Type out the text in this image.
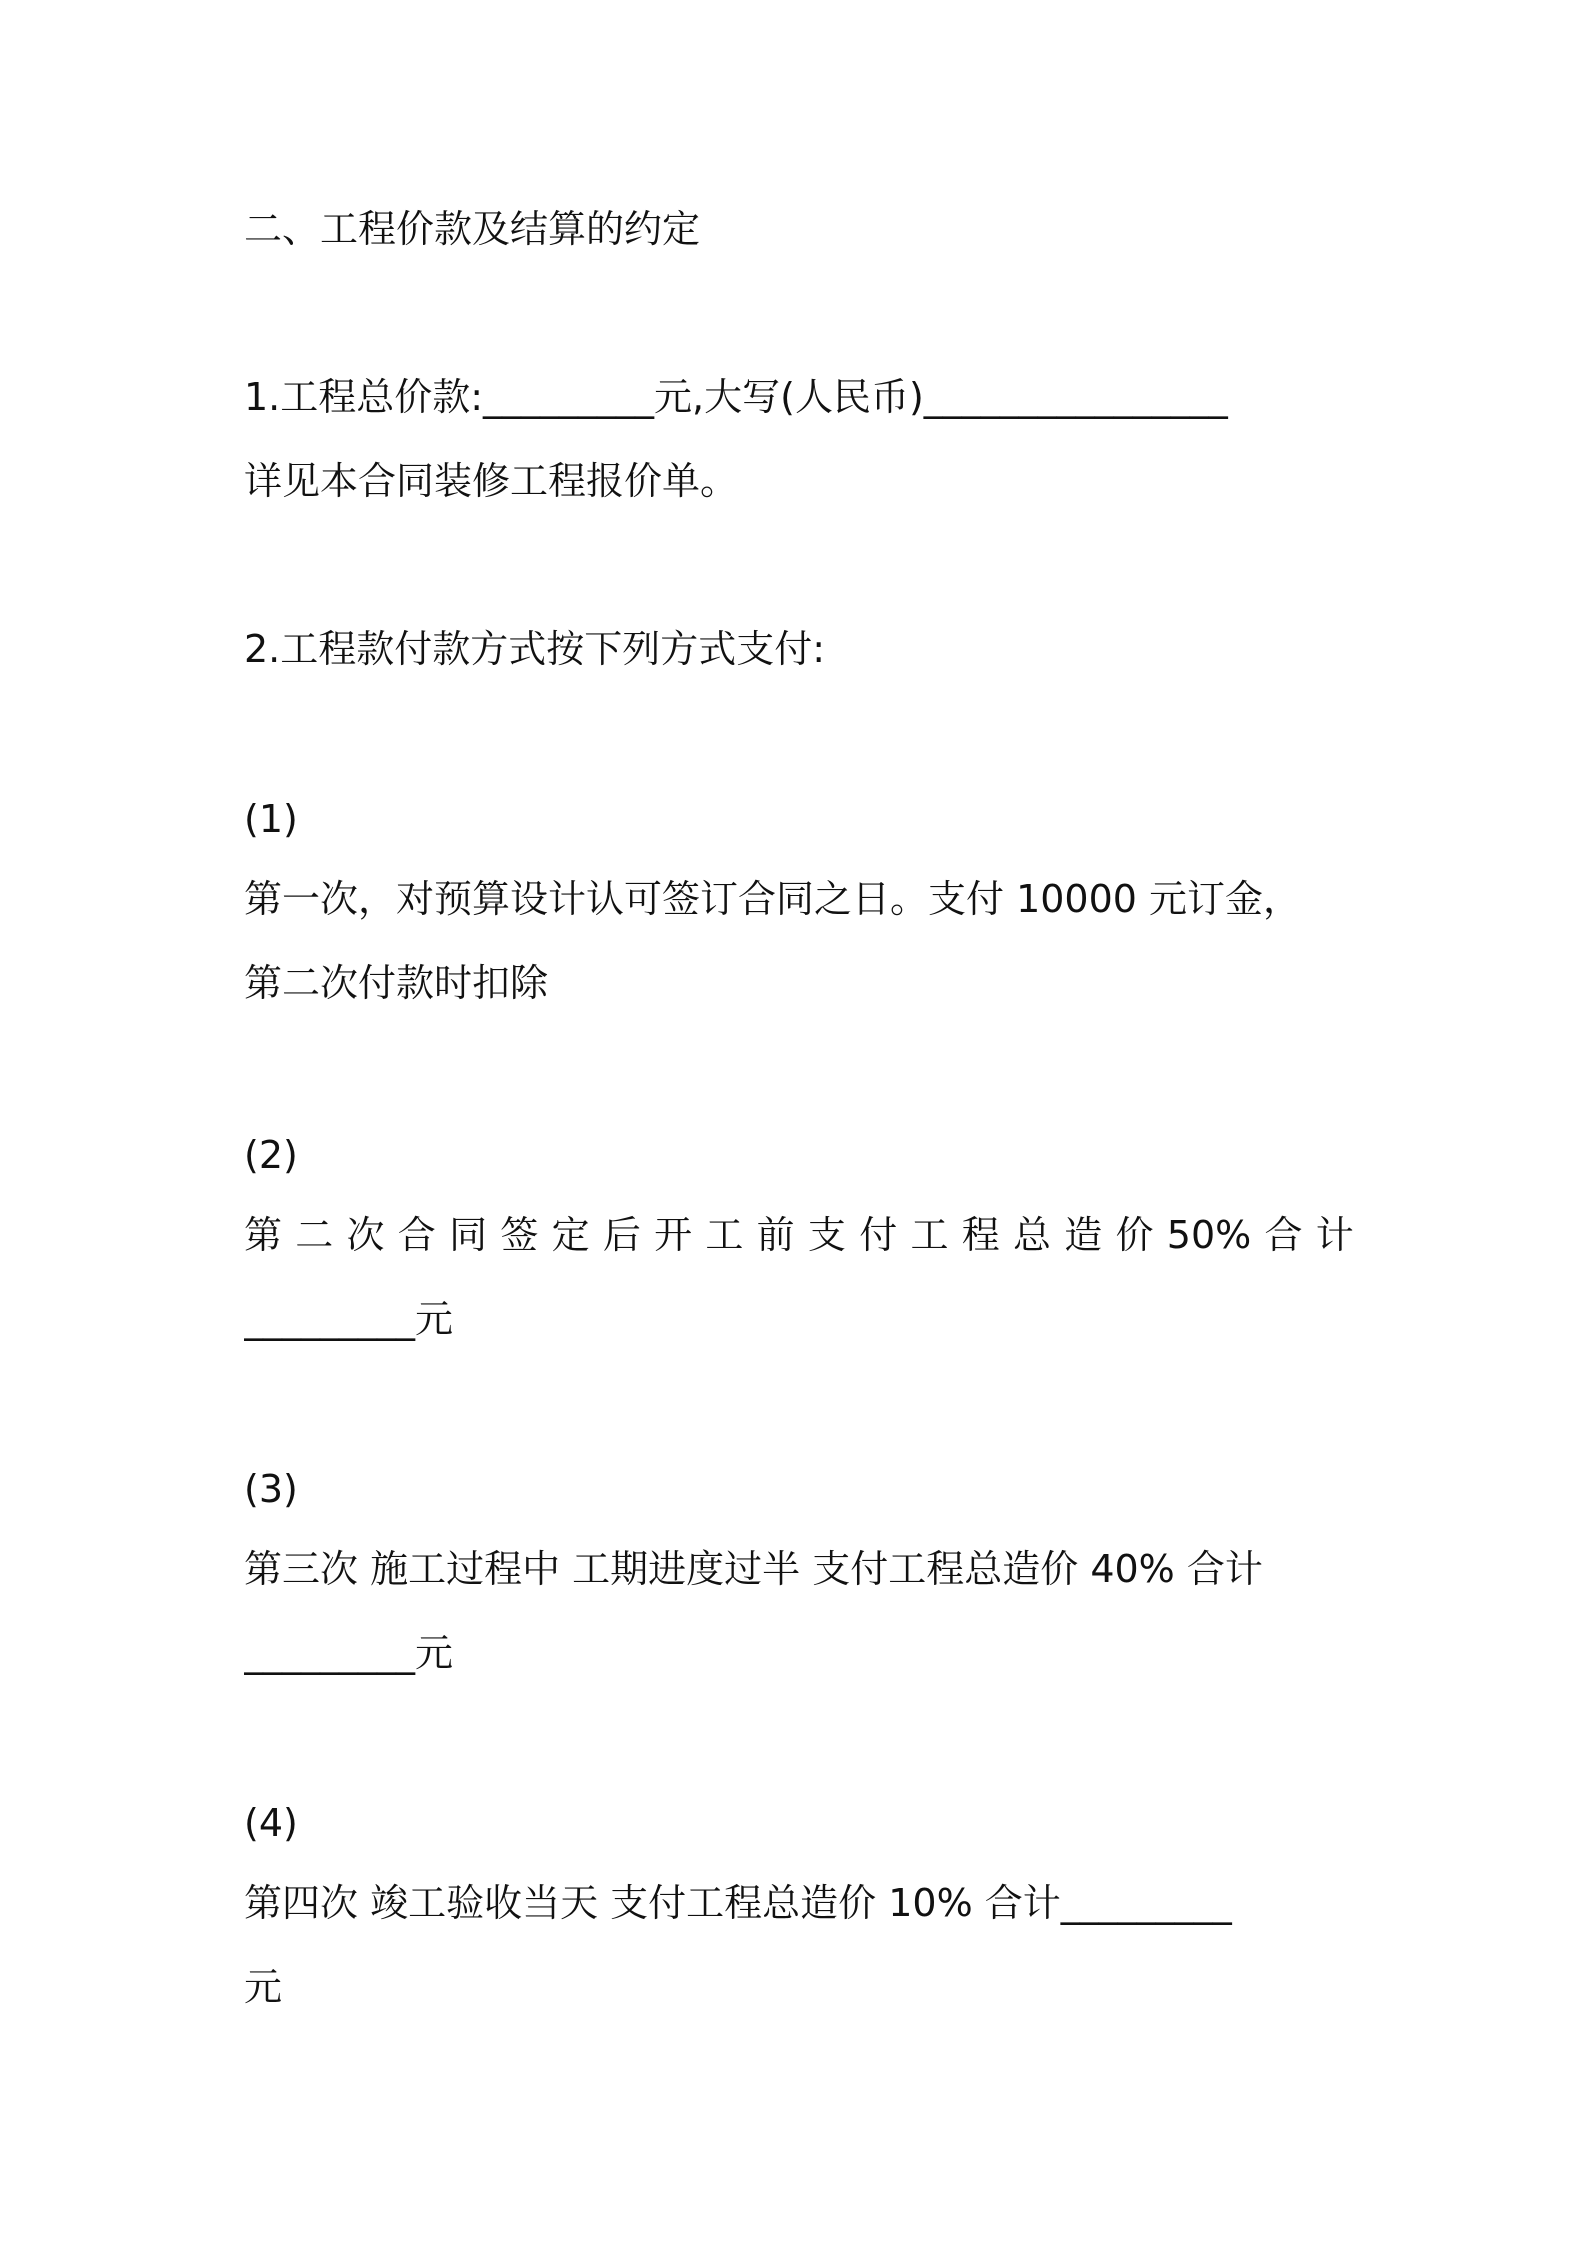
二、工程价款及结算的约定
1.工程总价款:_________元,大写(人民币)________________
详见本合同装修工程报价单。
2.工程款付款方式按下列方式支付:
(1)
第一次，对预算设计认可签订合同之日。支付 10000 元订金，
第二次付款时扣除
(2)
第 二 次 合 同 签 定 后 开 工 前 支 付 工 程 总 造 价 50% 合 计
_________元
(3)
第三次 施工过程中 工期进度过半 支付工程总造价 40% 合计
_________元
(4)
第四次 竣工验收当天 支付工程总造价 10% 合计_________
元
